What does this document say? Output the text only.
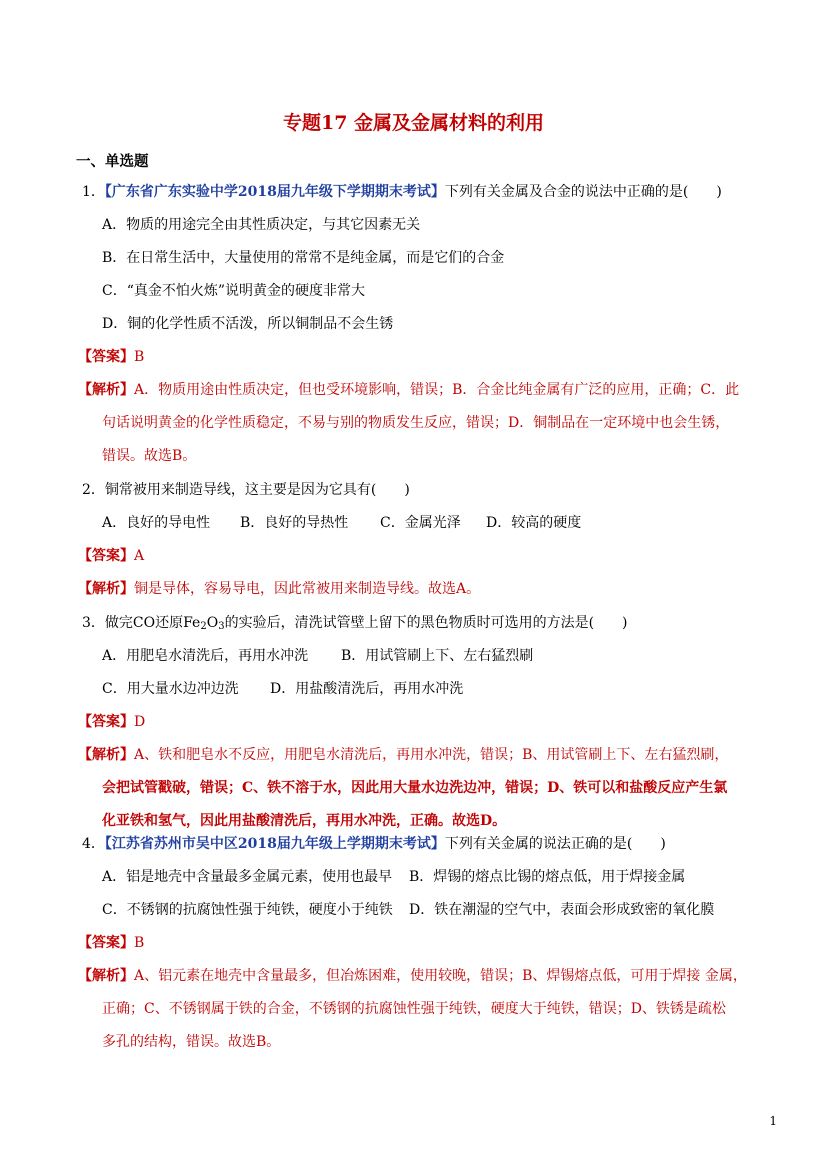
专题17 金属及金属材料的利用
一、单选题
1．【广东省广东实验中学2018届九年级下学期期末考试】下列有关金属及合金的说法中正确的是(　　)
A．物质的用途完全由其性质决定，与其它因素无关
B．在日常生活中，大量使用的常常不是纯金属，而是它们的合金
C．“真金不怕火炼”说明黄金的硬度非常大
D．铜的化学性质不活泼，所以铜制品不会生锈
【答案】B
【解析】A．物质用途由性质决定，但也受环境影响，错误；B．合金比纯金属有广泛的应用，正确；C．此
句话说明黄金的化学性质稳定，不易与别的物质发生反应，错误；D．铜制品在一定环境中也会生锈，
错误。故选B。
2．铜常被用来制造导线，这主要是因为它具有(　　)
A．良好的导电性 B．良好的导热性 C．金属光泽 D．较高的硬度
【答案】A
【解析】铜是导体，容易导电，因此常被用来制造导线。故选A。
3．做完CO还原$Fe_2O_3$的实验后，清洗试管壁上留下的黑色物质时可选用的方法是(　　)
A．用肥皂水清洗后，再用水冲洗 B．用试管刷上下、左右猛烈刷
C．用大量水边冲边洗 D．用盐酸清洗后，再用水冲洗
【答案】D
【解析】A、铁和肥皂水不反应，用肥皂水清洗后，再用水冲洗，错误；B、用试管刷上下、左右猛烈刷，
会把试管戳破，错误；C、铁不溶于水，因此用大量水边洗边冲，错误；D、铁可以和盐酸反应产生氯
化亚铁和氢气，因此用盐酸清洗后，再用水冲洗，正确。故选D。
4．【江苏省苏州市吴中区2018届九年级上学期期末考试】下列有关金属的说法正确的是(　　)
A．铝是地壳中含量最多金属元素，使用也最早 B．焊锡的熔点比锡的熔点低，用于焊接金属
C．不锈钢的抗腐蚀性强于纯铁，硬度小于纯铁 D．铁在潮湿的空气中，表面会形成致密的氧化膜
【答案】B
【解析】A、铝元素在地壳中含量最多，但冶炼困难，使用较晚，错误；B、焊锡熔点低，可用于焊接 金属，
正确；C、不锈钢属于铁的合金，不锈钢的抗腐蚀性强于纯铁，硬度大于纯铁，错误；D、铁锈是疏松
多孔的结构，错误。故选B。
1
